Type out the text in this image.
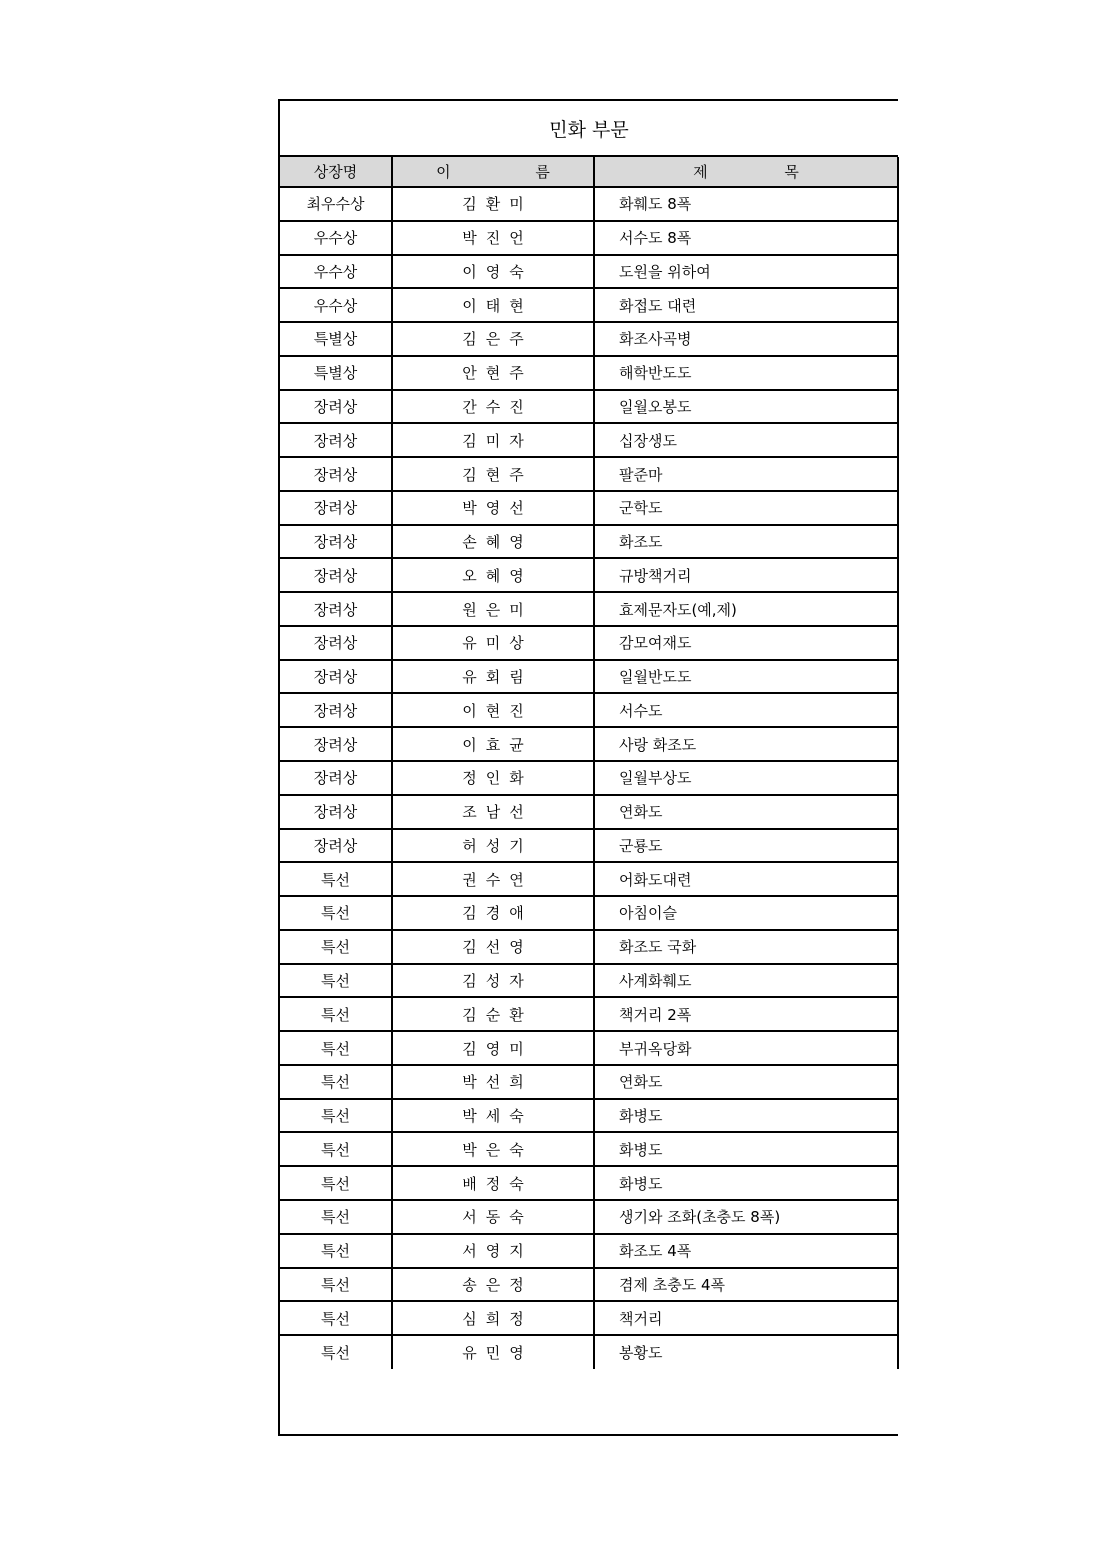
민화 부문
상장명	이 름	제 목
최우수상	김환미	화훼도 8폭
우수상	박진언	서수도 8폭
우수상	이영숙	도원을 위하여
우수상	이태현	화접도 대련
특별상	김은주	화조사곡병
특별상	안현주	해학반도도
장려상	간수진	일월오봉도
장려상	김미자	십장생도
장려상	김현주	팔준마
장려상	박영선	군학도
장려상	손혜영	화조도
장려상	오혜영	규방책거리
장려상	원은미	효제문자도(예,제)
장려상	유미상	감모여재도
장려상	유회림	일월반도도
장려상	이현진	서수도
장려상	이효균	사랑 화조도
장려상	정인화	일월부상도
장려상	조남선	연화도
장려상	허성기	군룡도
특선	권수연	어화도대련
특선	김경애	아침이슬
특선	김선영	화조도 국화
특선	김성자	사계화훼도
특선	김순환	책거리 2폭
특선	김영미	부귀옥당화
특선	박선희	연화도
특선	박세숙	화병도
특선	박은숙	화병도
특선	배정숙	화병도
특선	서동숙	생기와 조화(초충도 8폭)
특선	서영지	화조도 4폭
특선	송은정	겸제 초충도 4폭
특선	심희정	책거리
특선	유민영	봉황도
